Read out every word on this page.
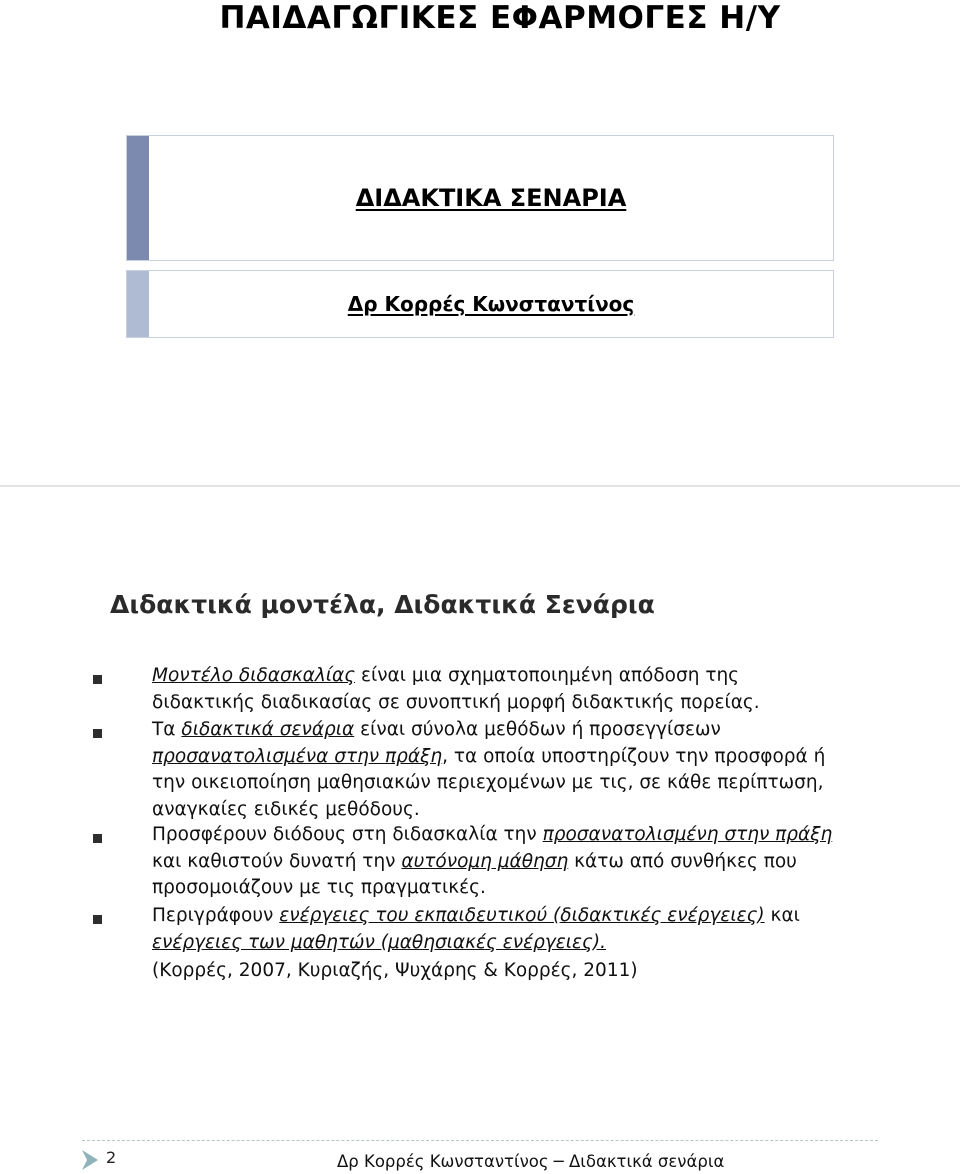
ΠΑΙΔΑΓΩΓΙΚΕΣ ΕΦΑΡΜΟΓΕΣ Η/Υ
ΔΙΔΑΚΤΙΚΑ ΣΕΝΑΡΙΑ
Δρ Κορρές Κωνσταντίνος
Διδακτικά μοντέλα, Διδακτικά Σενάρια
Μοντέλο διδασκαλίας είναι μια σχηματοποιημένη απόδοση της διδακτικής διαδικασίας σε συνοπτική μορφή διδακτικής πορείας.
Τα διδακτικά σενάρια είναι σύνολα μεθόδων ή προσεγγίσεων προσανατολισμένα στην πράξη, τα οποία υποστηρίζουν την προσφορά ή την οικειοποίηση μαθησιακών περιεχομένων με τις, σε κάθε περίπτωση, αναγκαίες ειδικές μεθόδους.
Προσφέρουν διόδους στη διδασκαλία την προσανατολισμένη στην πράξη και καθιστούν δυνατή την αυτόνομη μάθηση κάτω από συνθήκες που προσομοιάζουν με τις πραγματικές.
Περιγράφουν ενέργειες του εκπαιδευτικού (διδακτικές ενέργειες) και ενέργειες των μαθητών (μαθησιακές ενέργειες).
(Κορρές, 2007, Κυριαζής, Ψυχάρης & Κορρές, 2011)
2	Δρ Κορρές Κωνσταντίνος ─ Διδακτικά σενάρια
